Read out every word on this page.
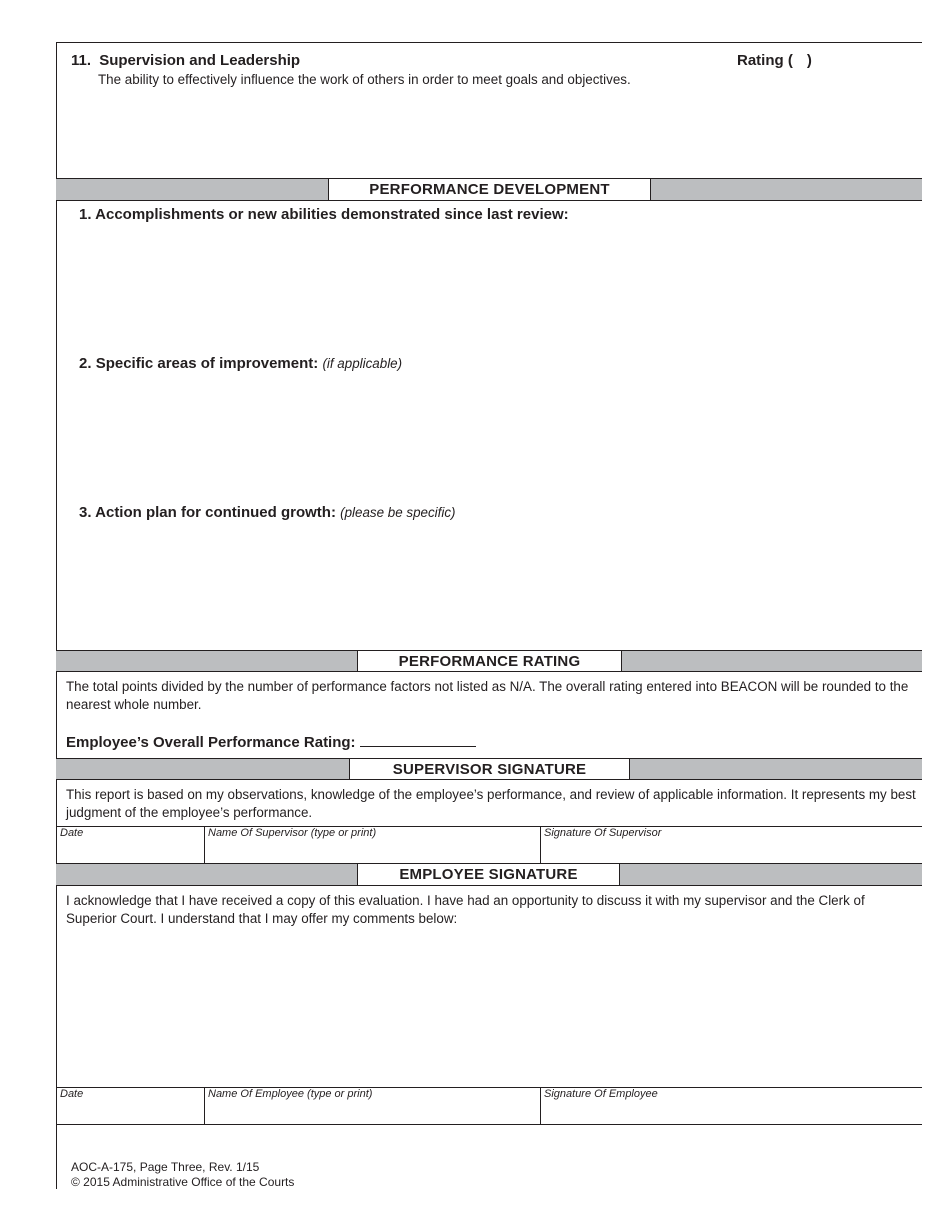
11. Supervision and Leadership	Rating ( )
The ability to effectively influence the work of others in order to meet goals and objectives.
PERFORMANCE DEVELOPMENT
1. Accomplishments or new abilities demonstrated since last review:
2. Specific areas of improvement: (if applicable)
3. Action plan for continued growth: (please be specific)
PERFORMANCE RATING
The total points divided by the number of performance factors not listed as N/A. The overall rating entered into BEACON will be rounded to the nearest whole number.
Employee’s Overall Performance Rating:
SUPERVISOR SIGNATURE
This report is based on my observations, knowledge of the employee’s performance, and review of applicable information. It represents my best judgment of the employee’s performance.
Date	Name Of Supervisor (type or print)	Signature Of Supervisor
EMPLOYEE SIGNATURE
I acknowledge that I have received a copy of this evaluation. I have had an opportunity to discuss it with my supervisor and the Clerk of Superior Court. I understand that I may offer my comments below:
Date	Name Of Employee (type or print)	Signature Of Employee
AOC-A-175, Page Three, Rev. 1/15
© 2015 Administrative Office of the Courts
